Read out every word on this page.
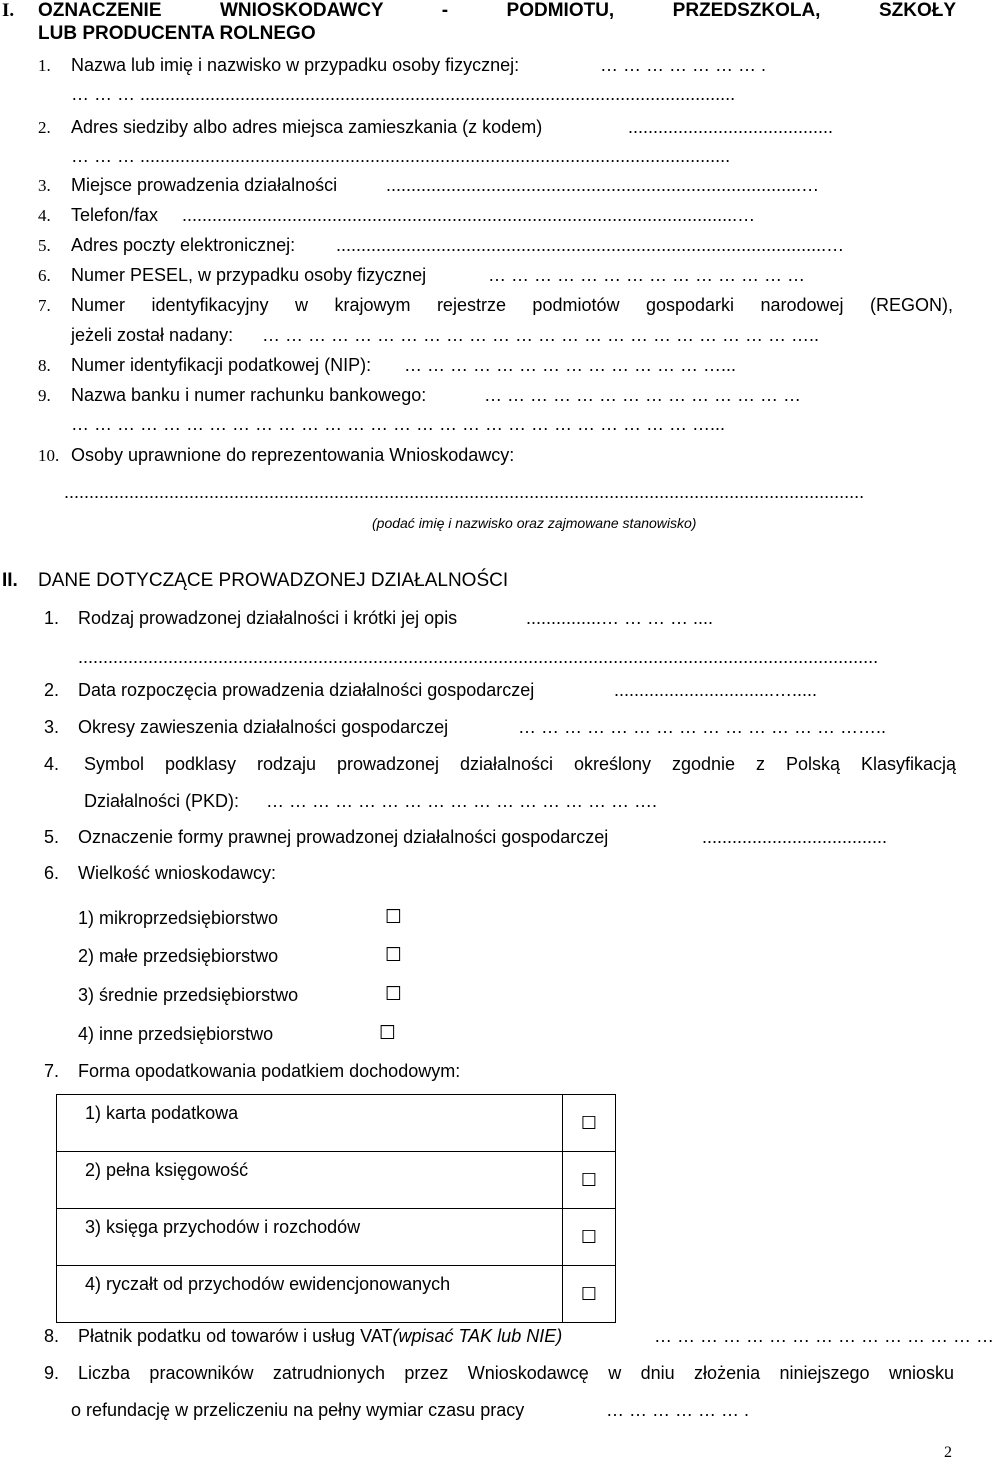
I. OZNACZENIE WNIOSKODAWCY - PODMIOTU, PRZEDSZKOLA, SZKOŁY
LUB PRODUCENTA ROLNEGO
1. Nazwa lub imię i nazwisko w przypadku osoby fizycznej:	… … … … … … … .
… … … .......................................................................................................................
2. Adres siedziby albo adres miejsca zamieszkania (z kodem)	.........................................
… … … ......................................................................................................................
3. Miejsce prowadzenia działalności	...................................................................................…
4. Telefon/fax ...............................................................................................................…
5. Adres poczty elektronicznej: ..................................................................................................…
6. Numer PESEL, w przypadku osoby fizycznej	… … … … … … … … … … … … … …
7. Numer identyfikacyjny w krajowym rejestrze podmiotów gospodarki narodowej (REGON),
jeżeli został nadany: … … … … … … … … … … … … … … … … … … … … … … … …..
8. Numer identyfikacji podatkowej (NIP): … … … … … … … … … … … … … …...
9. Nazwa banku i numer rachunku bankowego:	… … … … … … … … … … … … … …
… … … … … … … … … … … … … … … … … … … … … … … … … … … …...
10. Osoby uprawnione do reprezentowania Wnioskodawcy:
................................................................................................................................................................
(podać imię i nazwisko oraz zajmowane stanowisko)
II. DANE DOTYCZĄCE PROWADZONEJ DZIAŁALNOŚCI
1. Rodzaj prowadzonej działalności i krótki jej opis	...............… … … … ....
................................................................................................................................................................
2. Data rozpoczęcia prowadzenia działalności gospodarczej	................................….....
3. Okresy zawieszenia działalności gospodarczej	… … … … … … … … … … … … … … ……..
4. Symbol podklasy rodzaju prowadzonej działalności określony zgodnie z Polską Klasyfikacją
Działalności (PKD): … … … … … … … … … … … … … … … … ….
5. Oznaczenie formy prawnej prowadzonej działalności gospodarczej	.....................................
6. Wielkość wnioskodawcy:
1) mikroprzedsiębiorstwo	☐
2) małe przedsiębiorstwo	☐
3) średnie przedsiębiorstwo	☐
4) inne przedsiębiorstwo	☐
7. Forma opodatkowania podatkiem dochodowym:
1) karta podatkowa	☐
2) pełna księgowość	☐
3) księga przychodów i rozchodów	☐
4) ryczałt od przychodów ewidencjonowanych	☐
8. Płatnik podatku od towarów i usług VAT(wpisać TAK lub NIE)	… … … … … … … … … … … … … … …
9. Liczba pracowników zatrudnionych przez Wnioskodawcę w dniu złożenia niniejszego wniosku
o refundację w przeliczeniu na pełny wymiar czasu pracy	… … … … … … .
2
